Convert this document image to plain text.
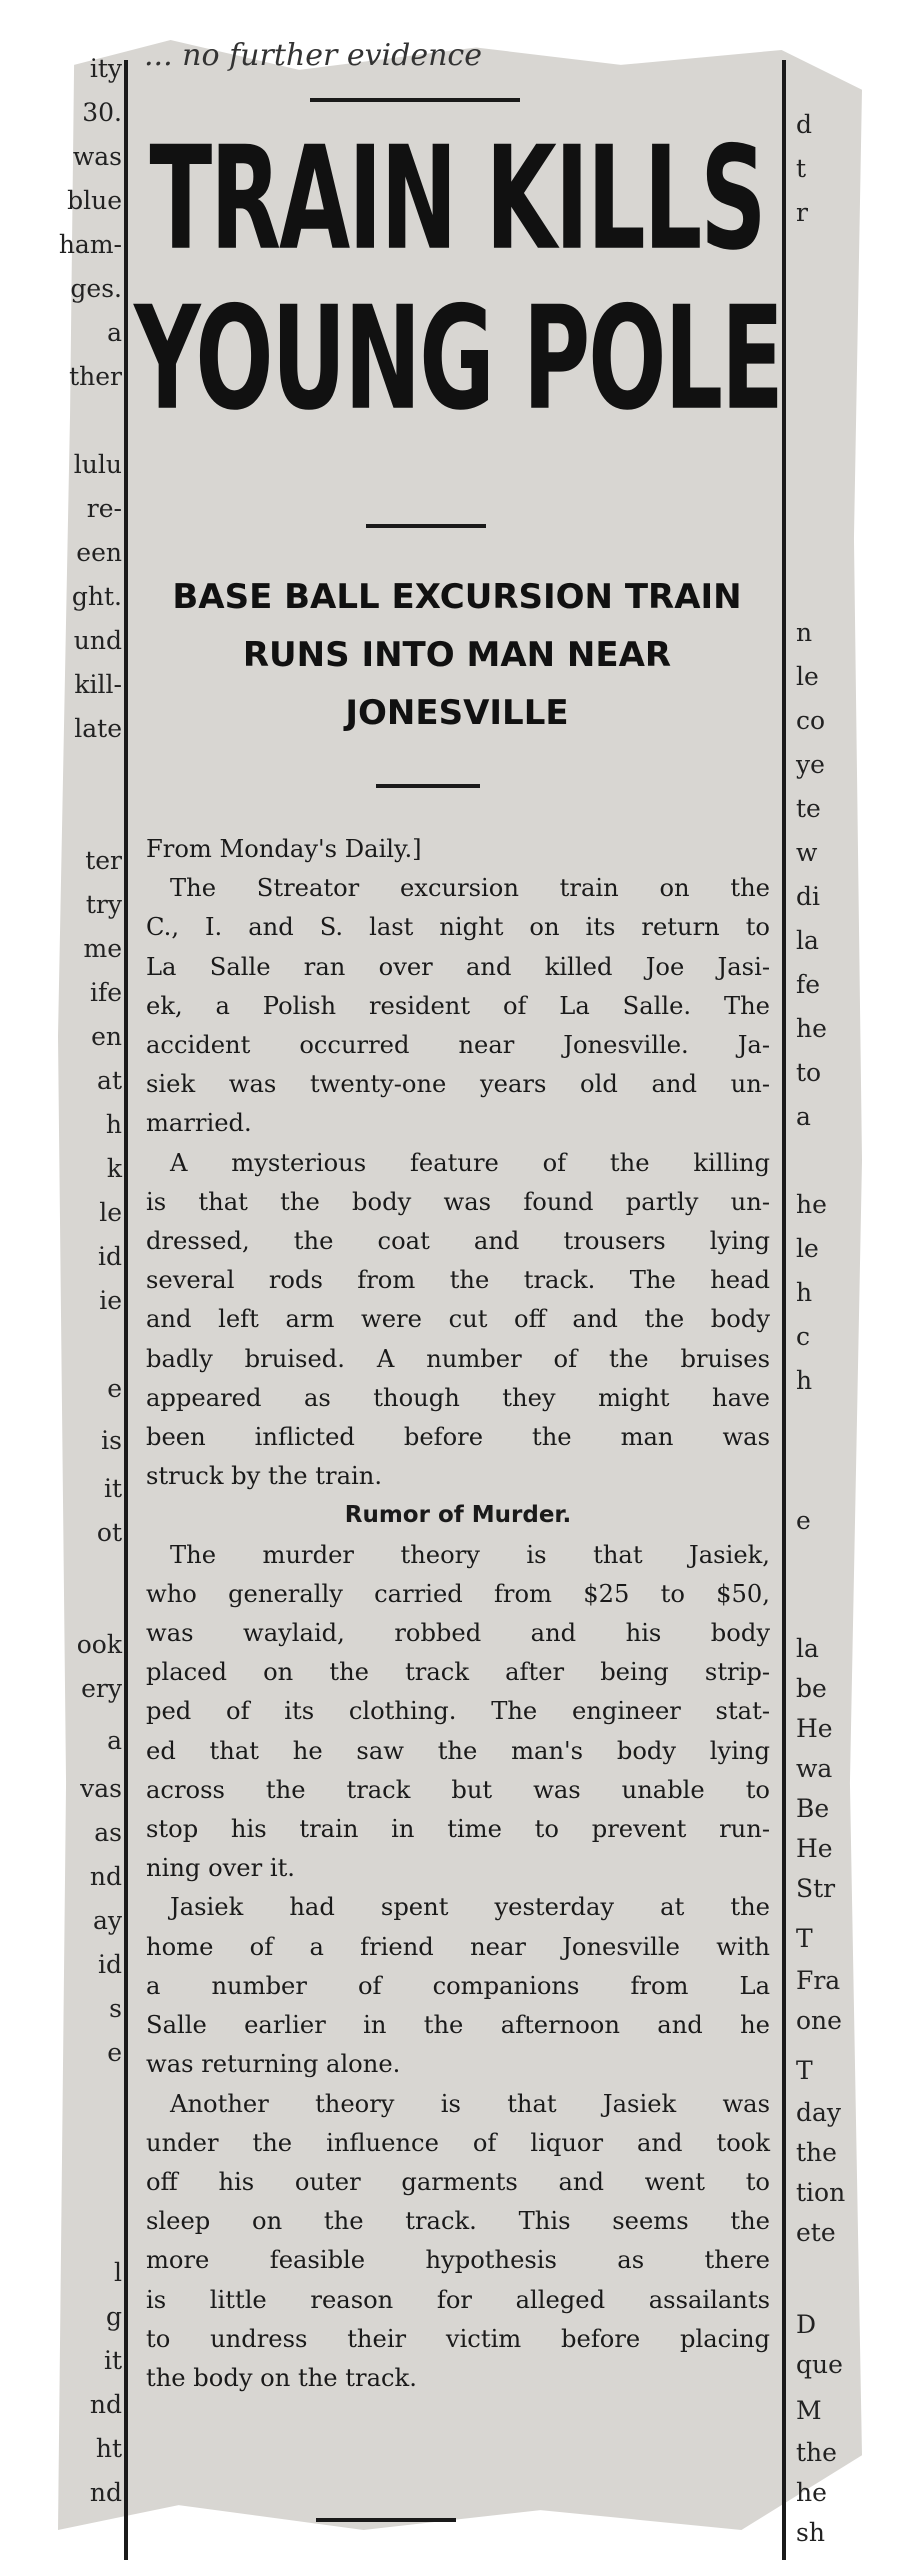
ity
30.
was
blue
ham-
ges.
a
ther
lulu
re-
een
ght.
und
kill-
late
ter
try
me
ife
en
at
h
k
le
id
ie
e
is
it
ot
ook
ery
a
vas
as
nd
ay
id
s
e
l
g
it
nd
ht
nd
... no further evidence
TRAIN KILLS
YOUNG POLE
BASE BALL EXCURSION TRAIN
RUNS INTO MAN NEAR
JONESVILLE
From Monday's Daily.]
The Streator excursion train on the
C., I. and S. last night on its return to
La Salle ran over and killed Joe Jasi-
ek, a Polish resident of La Salle. The
accident occurred near Jonesville. Ja-
siek was twenty-one years old and un-
married.
A mysterious feature of the killing
is that the body was found partly un-
dressed, the coat and trousers lying
several rods from the track. The head
and left arm were cut off and the body
badly bruised. A number of the bruises
appeared as though they might have
been inflicted before the man was
struck by the train.
Rumor of Murder.
The murder theory is that Jasiek,
who generally carried from $25 to $50,
was waylaid, robbed and his body
placed on the track after being strip-
ped of its clothing. The engineer stat-
ed that he saw the man's body lying
across the track but was unable to
stop his train in time to prevent run-
ning over it.
Jasiek had spent yesterday at the
home of a friend near Jonesville with
a number of companions from La
Salle earlier in the afternoon and he
was returning alone.
Another theory is that Jasiek was
under the influence of liquor and took
off his outer garments and went to
sleep on the track. This seems the
more feasible hypothesis as there
is little reason for alleged assailants
to undress their victim before placing
the body on the track.
d
t
r
n
le
co
ye
te
w
di
la
fe
he
to
a
he
le
h
c
h
e
la
be
He
wa
Be
He
Str
T
Fra
one
T
day
the
tion
ete
D
que
M
the
he
sh
